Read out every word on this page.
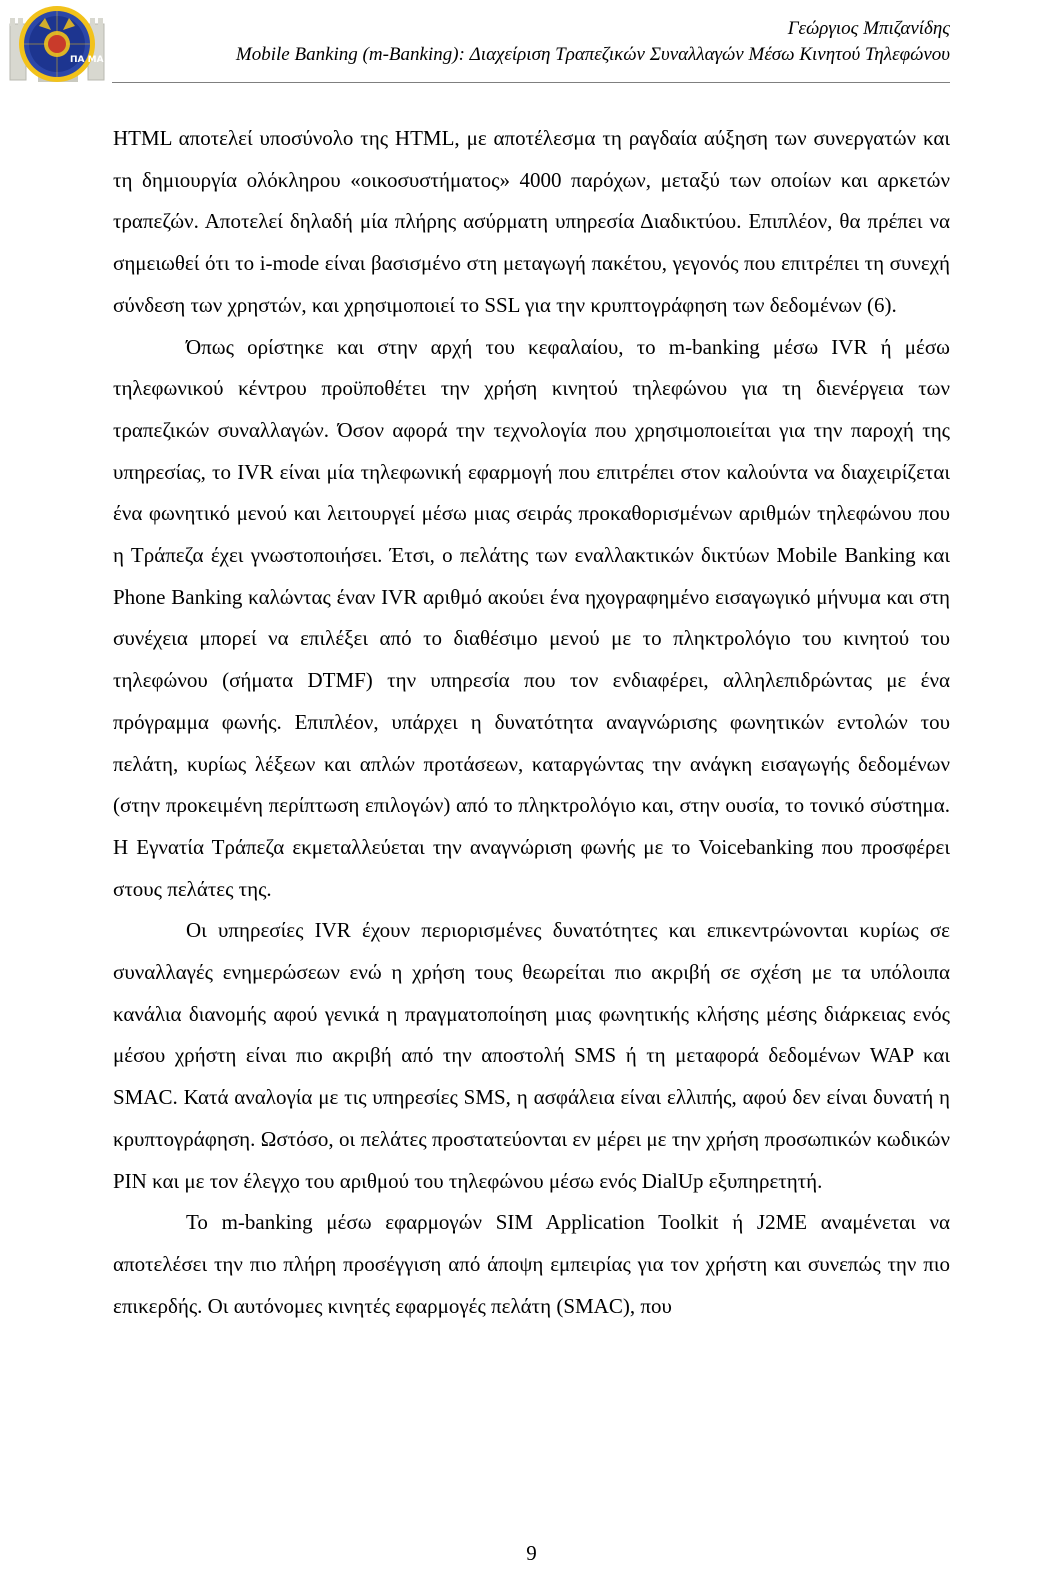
ΠΑ ΜΑ ΚΕ
Γεώργιος Μπιζανίδης
Mobile Banking (m-Banking): Διαχείριση Τραπεζικών Συναλλαγών Μέσω Κινητού Τηλεφώνου

HTML αποτελεί υποσύνολο της HTML, με αποτέλεσμα τη ραγδαία αύξηση των συνεργατών και τη δημιουργία ολόκληρου «οικοσυστήματος» 4000 παρόχων, μεταξύ των οποίων και αρκετών τραπεζών. Αποτελεί δηλαδή μία πλήρης ασύρματη υπηρεσία Διαδικτύου. Επιπλέον, θα πρέπει να σημειωθεί ότι το i-mode είναι βασισμένο στη μεταγωγή πακέτου, γεγονός που επιτρέπει τη συνεχή σύνδεση των χρηστών, και χρησιμοποιεί το SSL για την κρυπτογράφηση των δεδομένων (6).

Όπως ορίστηκε και στην αρχή του κεφαλαίου, το m-banking μέσω IVR ή μέσω τηλεφωνικού κέντρου προϋποθέτει την χρήση κινητού τηλεφώνου για τη διενέργεια των τραπεζικών συναλλαγών. Όσον αφορά την τεχνολογία που χρησιμοποιείται για την παροχή της υπηρεσίας, το IVR είναι μία τηλεφωνική εφαρμογή που επιτρέπει στον καλούντα να διαχειρίζεται ένα φωνητικό μενού και λειτουργεί μέσω μιας σειράς προκαθορισμένων αριθμών τηλεφώνου που η Τράπεζα έχει γνωστοποιήσει. Έτσι, ο πελάτης των εναλλακτικών δικτύων Mobile Banking και Phone Banking καλώντας έναν IVR αριθμό ακούει ένα ηχογραφημένο εισαγωγικό μήνυμα και στη συνέχεια μπορεί να επιλέξει από το διαθέσιμο μενού με το πληκτρολόγιο του κινητού του τηλεφώνου (σήματα DTMF) την υπηρεσία που τον ενδιαφέρει, αλληλεπιδρώντας με ένα πρόγραμμα φωνής. Επιπλέον, υπάρχει η δυνατότητα αναγνώρισης φωνητικών εντολών του πελάτη, κυρίως λέξεων και απλών προτάσεων, καταργώντας την ανάγκη εισαγωγής δεδομένων (στην προκειμένη περίπτωση επιλογών) από το πληκτρολόγιο και, στην ουσία, το τονικό σύστημα. Η Εγνατία Τράπεζα εκμεταλλεύεται την αναγνώριση φωνής με το Voicebanking που προσφέρει στους πελάτες της.

Οι υπηρεσίες IVR έχουν περιορισμένες δυνατότητες και επικεντρώνονται κυρίως σε συναλλαγές ενημερώσεων ενώ η χρήση τους θεωρείται πιο ακριβή σε σχέση με τα υπόλοιπα κανάλια διανομής αφού γενικά η πραγματοποίηση μιας φωνητικής κλήσης μέσης διάρκειας ενός μέσου χρήστη είναι πιο ακριβή από την αποστολή SMS ή τη μεταφορά δεδομένων WAP και SMAC. Κατά αναλογία με τις υπηρεσίες SMS, η ασφάλεια είναι ελλιπής, αφού δεν είναι δυνατή η κρυπτογράφηση. Ωστόσο, οι πελάτες προστατεύονται εν μέρει με την χρήση προσωπικών κωδικών PIN και με τον έλεγχο του αριθμού του τηλεφώνου μέσω ενός DialUp εξυπηρετητή.

Το m-banking μέσω εφαρμογών SIM Application Toolkit ή J2ME αναμένεται να αποτελέσει την πιο πλήρη προσέγγιση από άποψη εμπειρίας για τον χρήστη και συνεπώς την πιο επικερδής. Οι αυτόνομες κινητές εφαρμογές πελάτη (SMAC), που

9
